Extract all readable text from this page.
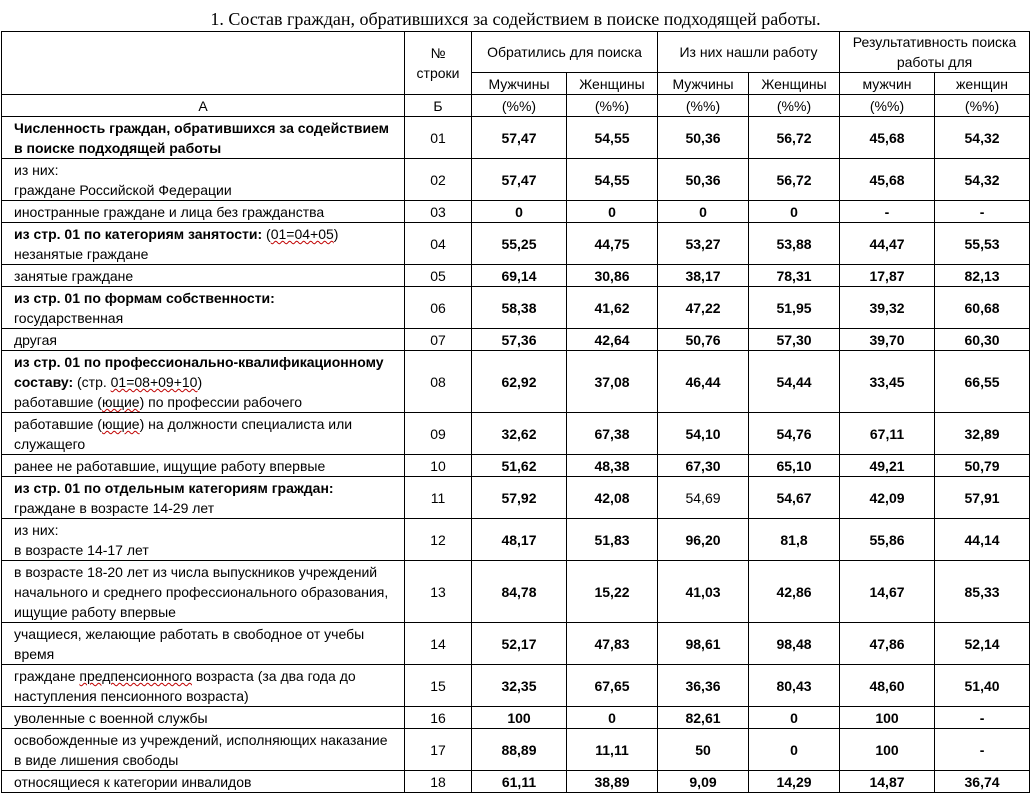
1. Состав граждан, обратившихся за содействием в поиске подходящей работы.
	№ строки	Обратились для поиска		Из них нашли работу		Результативность поиска работы для	
		Мужчины	Женщины	Мужчины	Женщины	мужчин	женщин
А	Б	(%%)	(%%)	(%%)	(%%)	(%%)	(%%)
Численность граждан, обратившихся за содействием в поиске подходящей работы	01	57,47	54,55	50,36	56,72	45,68	54,32
из них:
граждане Российской Федерации	02	57,47	54,55	50,36	56,72	45,68	54,32
иностранные граждане и лица без гражданства	03	0	0	0	0	-	-
из стр. 01 по категориям занятости: (01=04+05)
незанятые граждане	04	55,25	44,75	53,27	53,88	44,47	55,53
занятые граждане	05	69,14	30,86	38,17	78,31	17,87	82,13
из стр. 01 по формам собственности:
государственная	06	58,38	41,62	47,22	51,95	39,32	60,68
другая	07	57,36	42,64	50,76	57,30	39,70	60,30
из стр. 01 по профессионально-квалификационному составу: (стр. 01=08+09+10)
работавшие (ющие) по профессии рабочего	08	62,92	37,08	46,44	54,44	33,45	66,55
работавшие (ющие) на должности специалиста или служащего	09	32,62	67,38	54,10	54,76	67,11	32,89
ранее не работавшие, ищущие работу впервые	10	51,62	48,38	67,30	65,10	49,21	50,79
из стр. 01 по отдельным категориям граждан:
граждане в возрасте 14-29 лет	11	57,92	42,08	54,69	54,67	42,09	57,91
из них:
в возрасте 14-17 лет	12	48,17	51,83	96,20	81,8	55,86	44,14
в возрасте 18-20 лет из числа выпускников учреждений начального и среднего профессионального образования, ищущие работу впервые	13	84,78	15,22	41,03	42,86	14,67	85,33
учащиеся, желающие работать в свободное от учебы время	14	52,17	47,83	98,61	98,48	47,86	52,14
граждане предпенсионного возраста (за два года до наступления пенсионного возраста)	15	32,35	67,65	36,36	80,43	48,60	51,40
уволенные с военной службы	16	100	0	82,61	0	100	-
освобожденные из учреждений, исполняющих наказание в виде лишения свободы	17	88,89	11,11	50	0	100	-
относящиеся к категории инвалидов	18	61,11	38,89	9,09	14,29	14,87	36,74
